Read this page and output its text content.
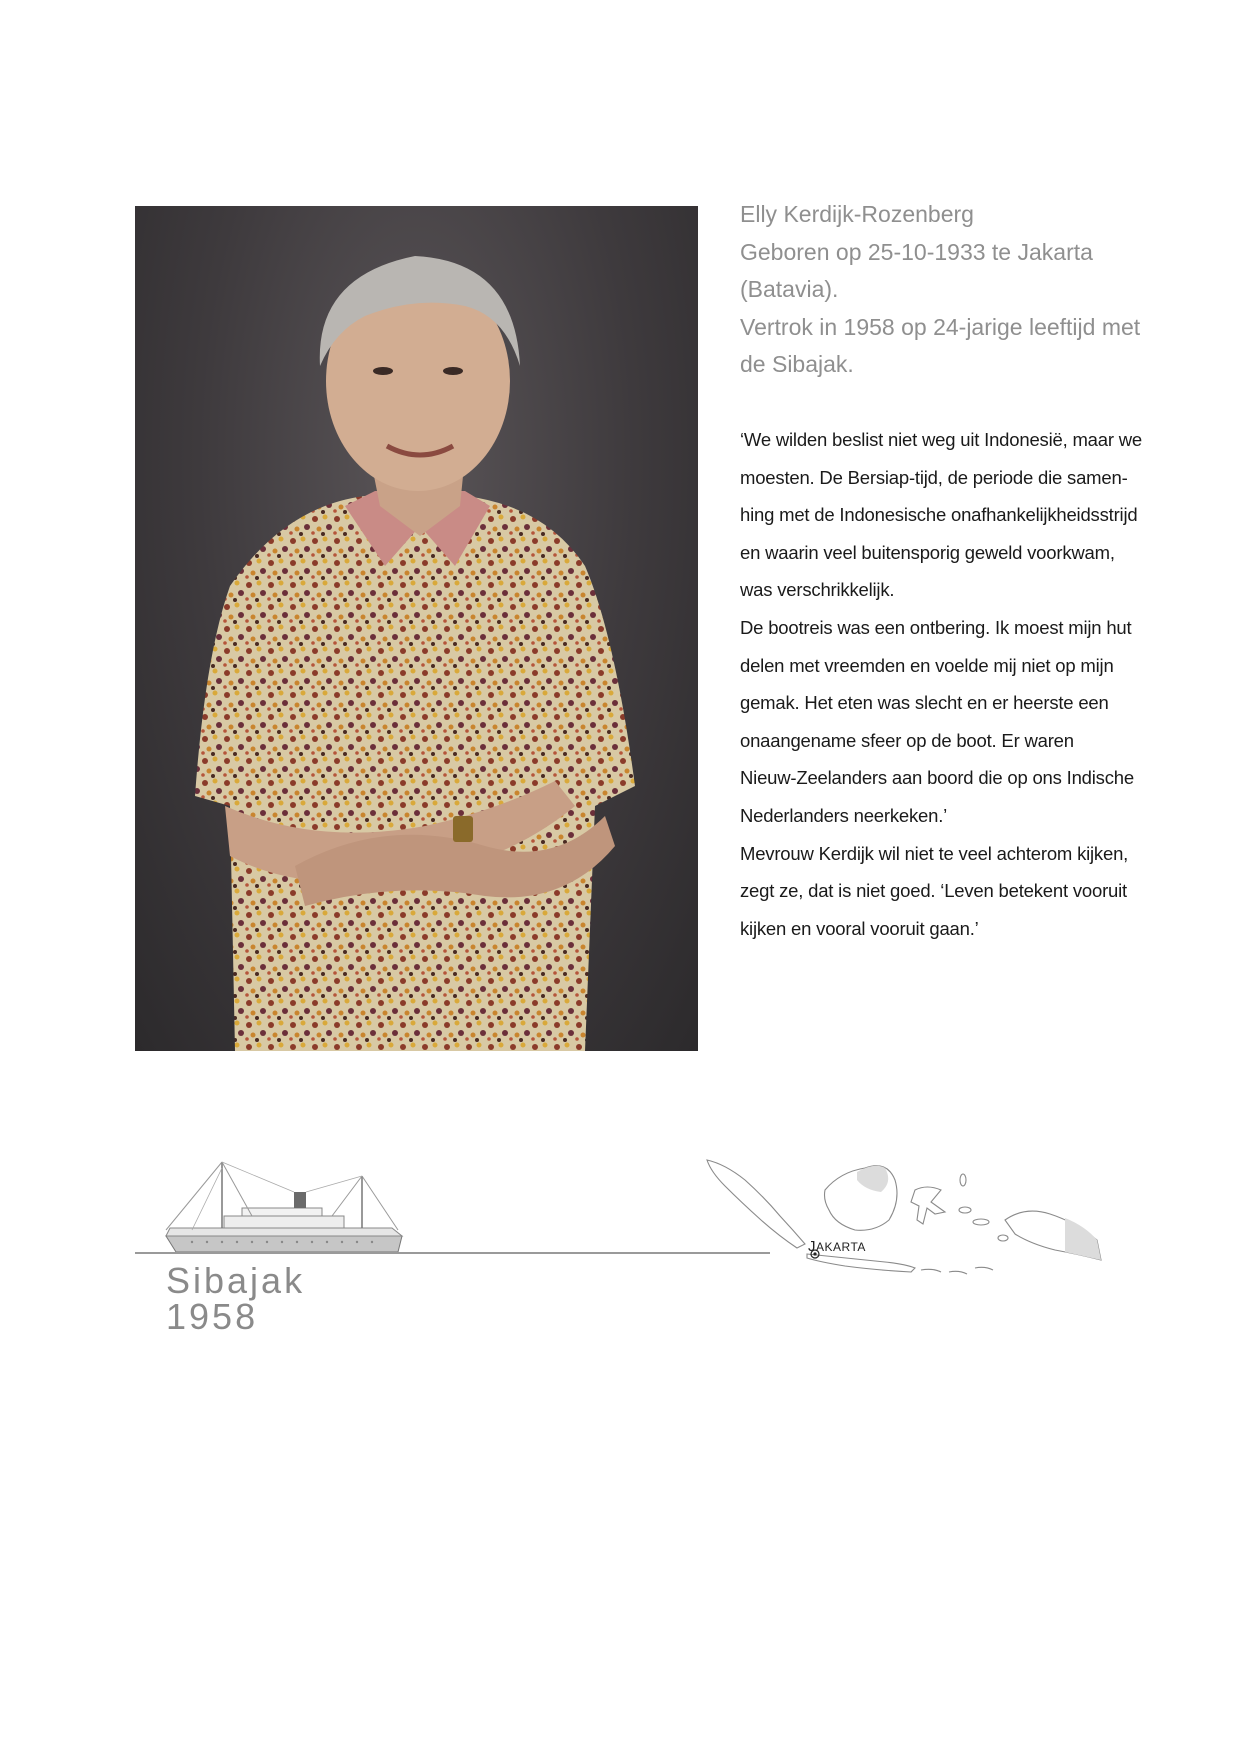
Elly Kerdijk-Rozenberg
Geboren op 25-10-1933 te Jakarta
(Batavia).
Vertrok in 1958 op 24-jarige leeftijd met
de Sibajak.
‘We wilden beslist niet weg uit Indonesië, maar we
moesten. De Bersiap-tijd, de periode die samen-
hing met de Indonesische onafhankelijkheidsstrijd
en waarin veel buitensporig geweld voorkwam,
was verschrikkelijk.
De bootreis was een ontbering. Ik moest mijn hut
delen met vreemden en voelde mij niet op mijn
gemak. Het eten was slecht en er heerste een
onaangename sfeer op de boot. Er waren
Nieuw-Zeelanders aan boord die op ons Indische
Nederlanders neerkeken.’
Mevrouw Kerdijk wil niet te veel achterom kijken,
zegt ze, dat is niet goed. ‘Leven betekent vooruit
kijken en vooral vooruit gaan.’
Sibajak
1958
JAKARTA
